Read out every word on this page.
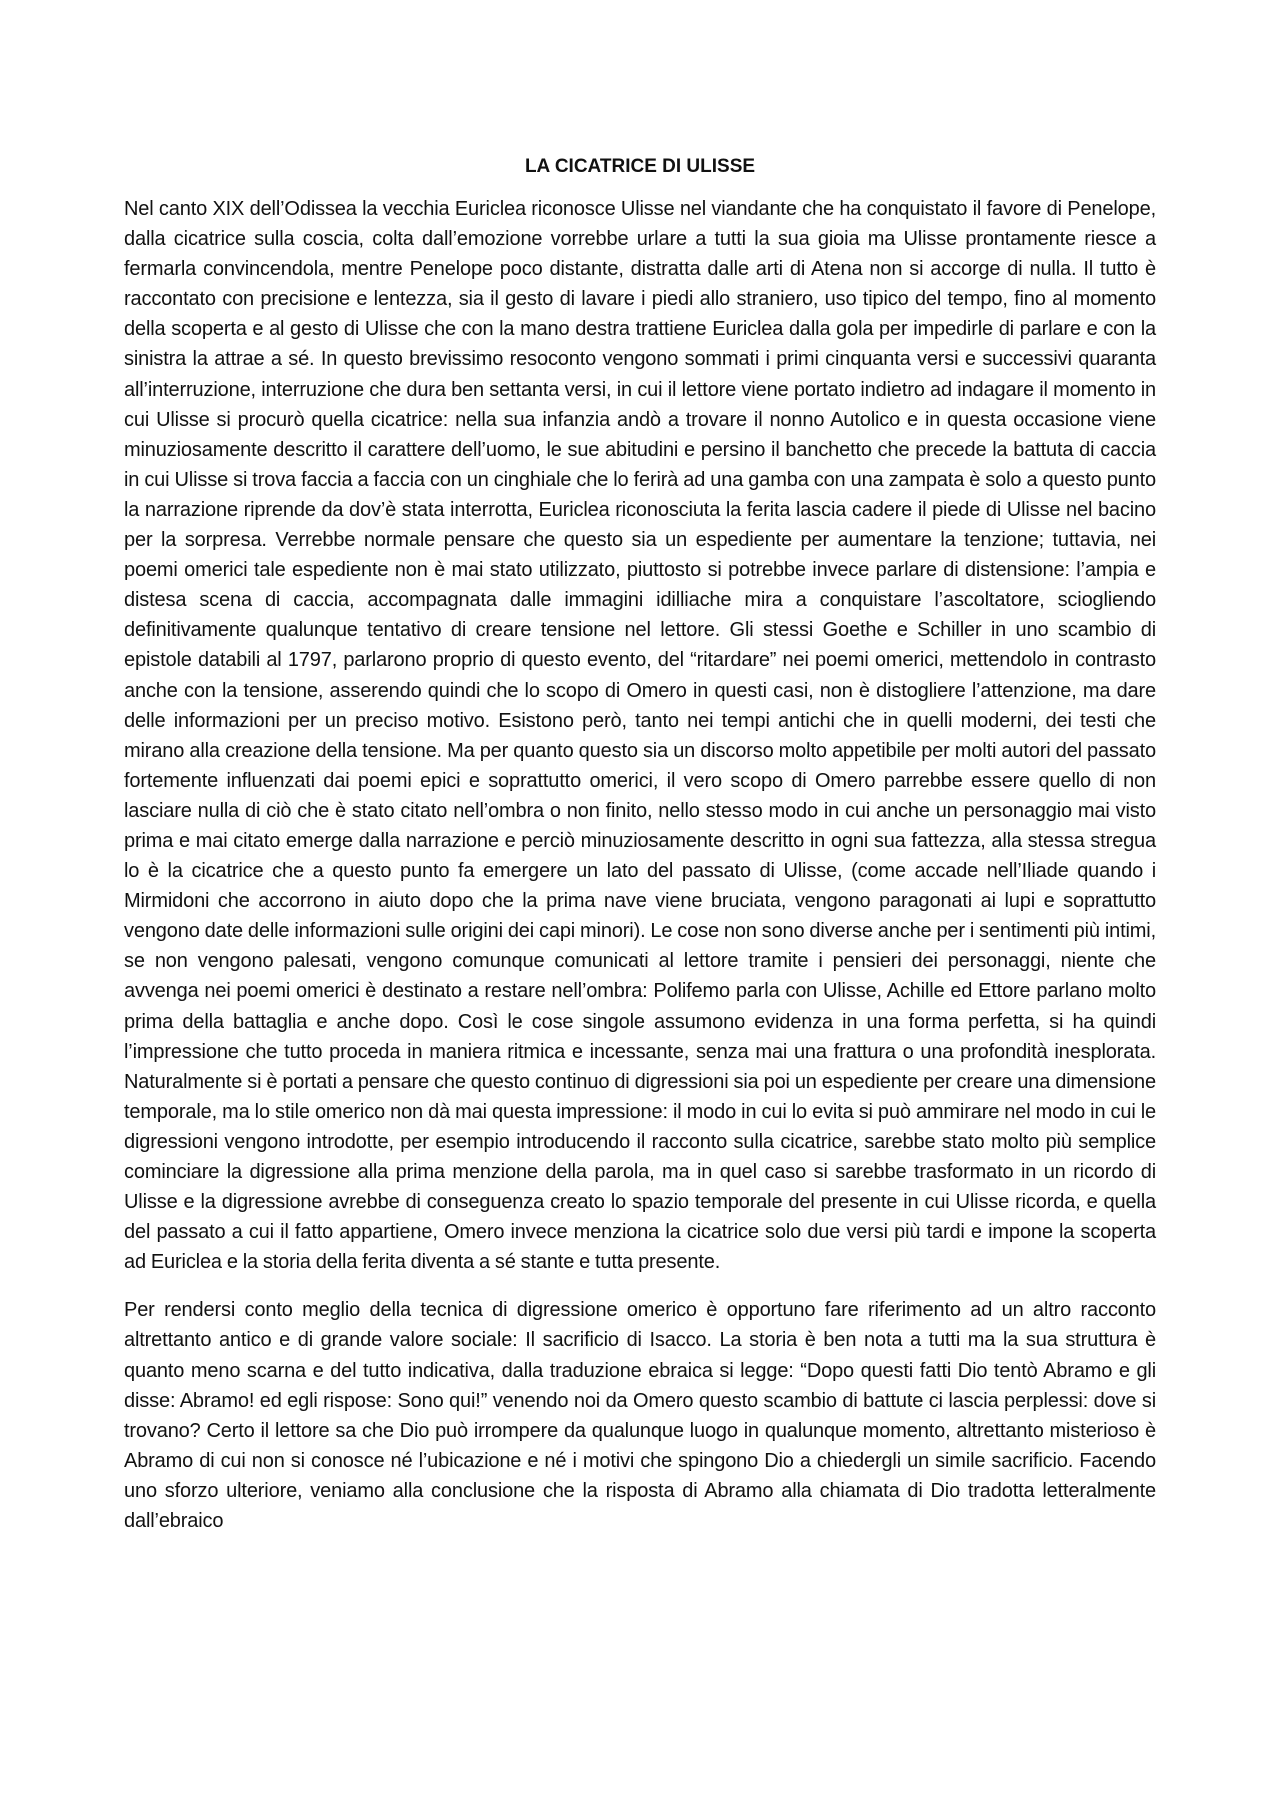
LA CICATRICE DI ULISSE

Nel canto XIX dell’Odissea la vecchia Euriclea riconosce Ulisse nel viandante che ha conquistato il favore di Penelope, dalla cicatrice sulla coscia, colta dall’emozione vorrebbe urlare a tutti la sua gioia ma Ulisse prontamente riesce a fermarla convincendola, mentre Penelope poco distante, distratta dalle arti di Atena non si accorge di nulla. Il tutto è raccontato con precisione e lentezza, sia il gesto di lavare i piedi allo straniero, uso tipico del tempo, fino al momento della scoperta e al gesto di Ulisse che con la mano destra trattiene Euriclea dalla gola per impedirle di parlare e con la sinistra la attrae a sé. In questo brevissimo resoconto vengono sommati i primi cinquanta versi e successivi quaranta all’interruzione, interruzione che dura ben settanta versi, in cui il lettore viene portato indietro ad indagare il momento in cui Ulisse si procurò quella cicatrice: nella sua infanzia andò a trovare il nonno Autolico e in questa occasione viene minuziosamente descritto il carattere dell’uomo, le sue abitudini e persino il banchetto che precede la battuta di caccia in cui Ulisse si trova faccia a faccia con un cinghiale che lo ferirà ad una gamba con una zampata è solo a questo punto la narrazione riprende da dov’è stata interrotta, Euriclea riconosciuta la ferita lascia cadere il piede di Ulisse nel bacino per la sorpresa. Verrebbe normale pensare che questo sia un espediente per aumentare la tenzione; tuttavia, nei poemi omerici tale espediente non è mai stato utilizzato, piuttosto si potrebbe invece parlare di distensione: l’ampia e distesa scena di caccia, accompagnata dalle immagini idilliache mira a conquistare l’ascoltatore, sciogliendo definitivamente qualunque tentativo di creare tensione nel lettore. Gli stessi Goethe e Schiller in uno scambio di epistole databili al 1797, parlarono proprio di questo evento, del “ritardare” nei poemi omerici, mettendolo in contrasto anche con la tensione, asserendo quindi che lo scopo di Omero in questi casi, non è distogliere l’attenzione, ma dare delle informazioni per un preciso motivo. Esistono però, tanto nei tempi antichi che in quelli moderni, dei testi che mirano alla creazione della tensione. Ma per quanto questo sia un discorso molto appetibile per molti autori del passato fortemente influenzati dai poemi epici e soprattutto omerici, il vero scopo di Omero parrebbe essere quello di non lasciare nulla di ciò che è stato citato nell’ombra o non finito, nello stesso modo in cui anche un personaggio mai visto prima e mai citato emerge dalla narrazione e perciò minuziosamente descritto in ogni sua fattezza, alla stessa stregua lo è la cicatrice che a questo punto fa emergere un lato del passato di Ulisse, (come accade nell’Iliade quando i Mirmidoni che accorrono in aiuto dopo che la prima nave viene bruciata, vengono paragonati ai lupi e soprattutto vengono date delle informazioni sulle origini dei capi minori). Le cose non sono diverse anche per i sentimenti più intimi, se non vengono palesati, vengono comunque comunicati al lettore tramite i pensieri dei personaggi, niente che avvenga nei poemi omerici è destinato a restare nell’ombra: Polifemo parla con Ulisse, Achille ed Ettore parlano molto prima della battaglia e anche dopo. Così le cose singole assumono evidenza in una forma perfetta, si ha quindi l’impressione che tutto proceda in maniera ritmica e incessante, senza mai una frattura o una profondità inesplorata. Naturalmente si è portati a pensare che questo continuo di digressioni sia poi un espediente per creare una dimensione temporale, ma lo stile omerico non dà mai questa impressione: il modo in cui lo evita si può ammirare nel modo in cui le digressioni vengono introdotte, per esempio introducendo il racconto sulla cicatrice, sarebbe stato molto più semplice cominciare la digressione alla prima menzione della parola, ma in quel caso si sarebbe trasformato in un ricordo di Ulisse e la digressione avrebbe di conseguenza creato lo spazio temporale del presente in cui Ulisse ricorda, e quella del passato a cui il fatto appartiene, Omero invece menziona la cicatrice solo due versi più tardi e impone la scoperta ad Euriclea e la storia della ferita diventa a sé stante e tutta presente.

Per rendersi conto meglio della tecnica di digressione omerico è opportuno fare riferimento ad un altro racconto altrettanto antico e di grande valore sociale: Il sacrificio di Isacco. La storia è ben nota a tutti ma la sua struttura è quanto meno scarna e del tutto indicativa, dalla traduzione ebraica si legge: “Dopo questi fatti Dio tentò Abramo e gli disse: Abramo! ed egli rispose: Sono qui!” venendo noi da Omero questo scambio di battute ci lascia perplessi: dove si trovano? Certo il lettore sa che Dio può irrompere da qualunque luogo in qualunque momento, altrettanto misterioso è Abramo di cui non si conosce né l’ubicazione e né i motivi che spingono Dio a chiedergli un simile sacrificio. Facendo uno sforzo ulteriore, veniamo alla conclusione che la risposta di Abramo alla chiamata di Dio tradotta letteralmente dall’ebraico
